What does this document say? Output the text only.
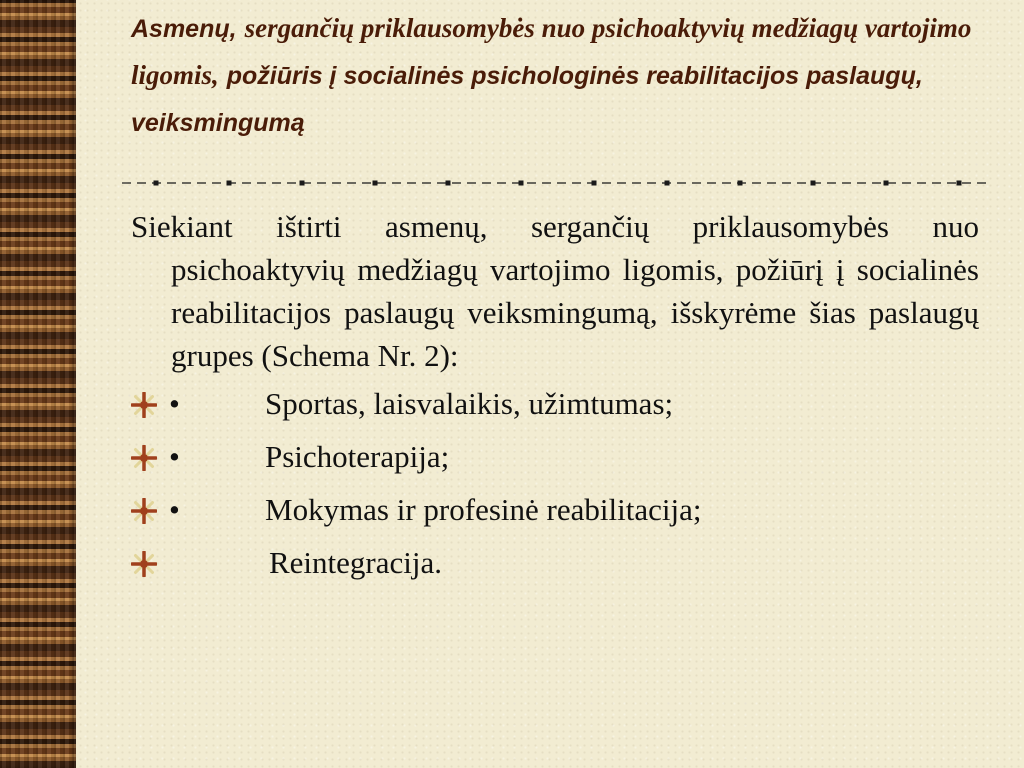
Asmenų, sergančių priklausomybės nuo psichoaktyvių medžiagų vartojimo ligomis, požiūris į socialinės psichologinės reabilitacijos paslaugų, veiksmingumą

Siekiant ištirti asmenų, sergančių priklausomybės nuo psichoaktyvių medžiagų vartojimo ligomis, požiūrį į socialinės reabilitacijos paslaugų veiksmingumą, išskyrėme šias paslaugų grupes (Schema Nr. 2):

•	Sportas, laisvalaikis, užimtumas;
•	Psichoterapija;
•	Mokymas ir profesinė reabilitacija;
Reintegracija.
